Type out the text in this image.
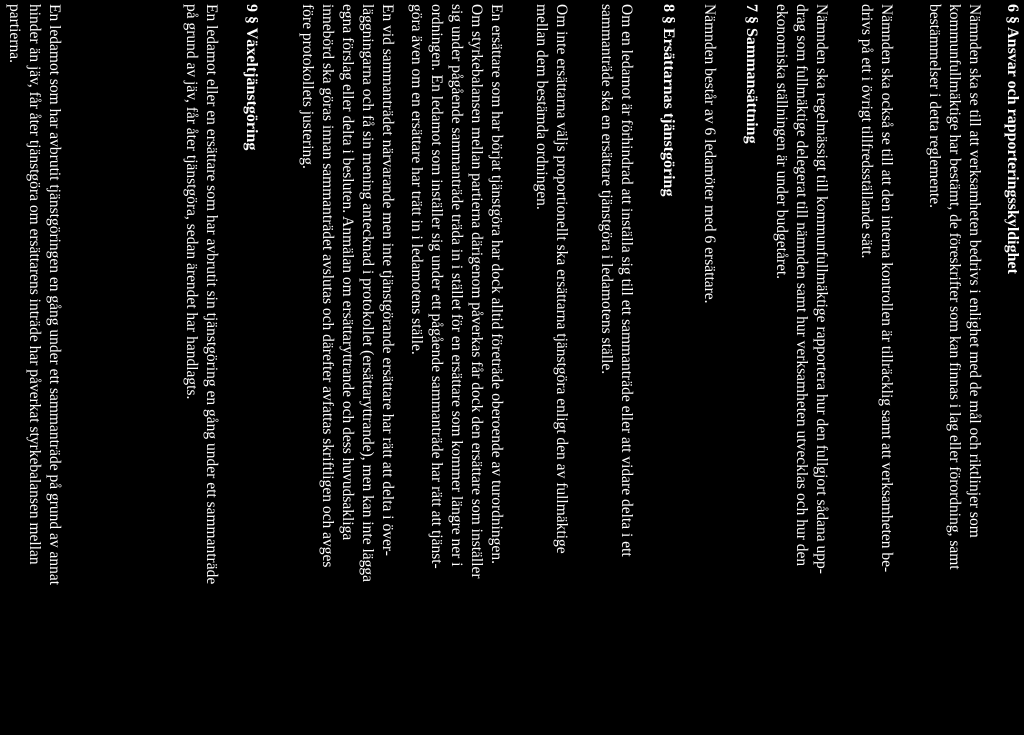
6 § Ansvar och rapporteringsskyldighet

Nämnden ska se till att verksamheten bedrivs i enlighet med de mål och riktlinjer som
kommunfullmäktige har bestämt, de föreskrifter som kan finnas i lag eller förordning, samt
bestämmelser i detta reglemente.

Nämnden ska också se till att den interna kontrollen är tillräcklig samt att verksamheten be-
drivs på ett i övrigt tillfredsställande sätt.

Nämnden ska regelmässigt till kommunfullmäktige rapportera hur den fullgjort sådana upp-
drag som fullmäktige delegerat till nämnden samt hur verksamheten utvecklas och hur den
ekonomiska ställningen är under budgetåret.

7 § Sammansättning

Nämnden består av 6 ledamöter med 6 ersättare.

8 § Ersättarnas tjänstgöring

Om en ledamot är förhindrad att inställa sig till ett sammanträde eller att vidare delta i ett
sammanträde ska en ersättare tjänstgöra i ledamotens ställe.

Om inte ersättarna väljs proportionellt ska ersättarna tjänstgöra enligt den av fullmäktige
mellan dem bestämda ordningen.

En ersättare som har börjat tjänstgöra har dock alltid företräde oberoende av turordningen.
Om styrkebalansen mellan partierna därigenom påverkas får dock den ersättare som inställer
sig under pågående sammanträde träda in i stället för en ersättare som kommer längre ner i
ordningen. En ledamot som inställer sig under ett pågående sammanträde har rätt att tjänst-
göra även om en ersättare har trätt in i ledamotens ställe.

En vid sammanträdet närvarande men inte tjänstgörande ersättare har rätt att delta i över-
läggningarna och få sin mening antecknad i protokollet (ersättaryttrande), men kan inte lägga
egna förslag eller delta i besluten. Anmälan om ersättaryttrande och dess huvudsakliga
innebörd ska göras innan sammanträdet avslutas och därefter avfattas skriftligen och avges
före protokollets justering.

9 § Växeltjänstgöring

En ledamot eller en ersättare som har avbrutit sin tjänstgöring en gång under ett sammanträde
på grund av jäv, får åter tjänstgöra, sedan ärendet har handlagts.

En ledamot som har avbrutit tjänstgöringen en gång under ett sammanträde på grund av annat
hinder än jäv, får åter tjänstgöra om ersättarens inträde har påverkat styrkebalansen mellan
partierna.
